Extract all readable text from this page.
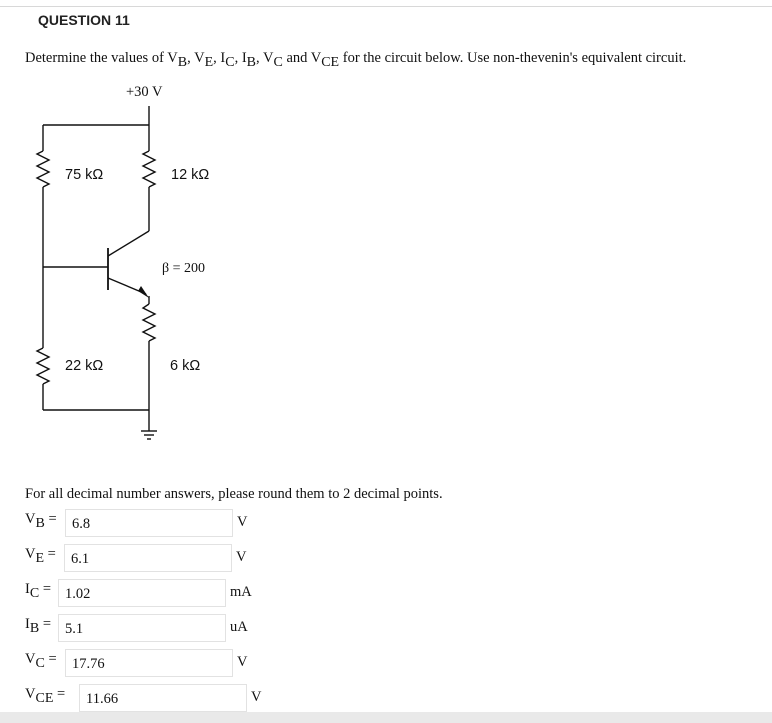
QUESTION 11
Determine the values of $V_B$, $V_E$, $I_C$, $I_B$, $V_C$ and $V_{CE}$ for the circuit below. Use non-thevenin's equivalent circuit.
+30 V
75 kΩ	12 kΩ
β = 200
22 kΩ	6 kΩ
For all decimal number answers, please round them to 2 decimal points.
$V_B$ =	6.8	V
$V_E$ =	6.1	V
$I_C = 1.02$	mA
$I_B = 5.1$	uA
$V_C$ =	17.76	V
$V_{CE}$ =	11.66	V
